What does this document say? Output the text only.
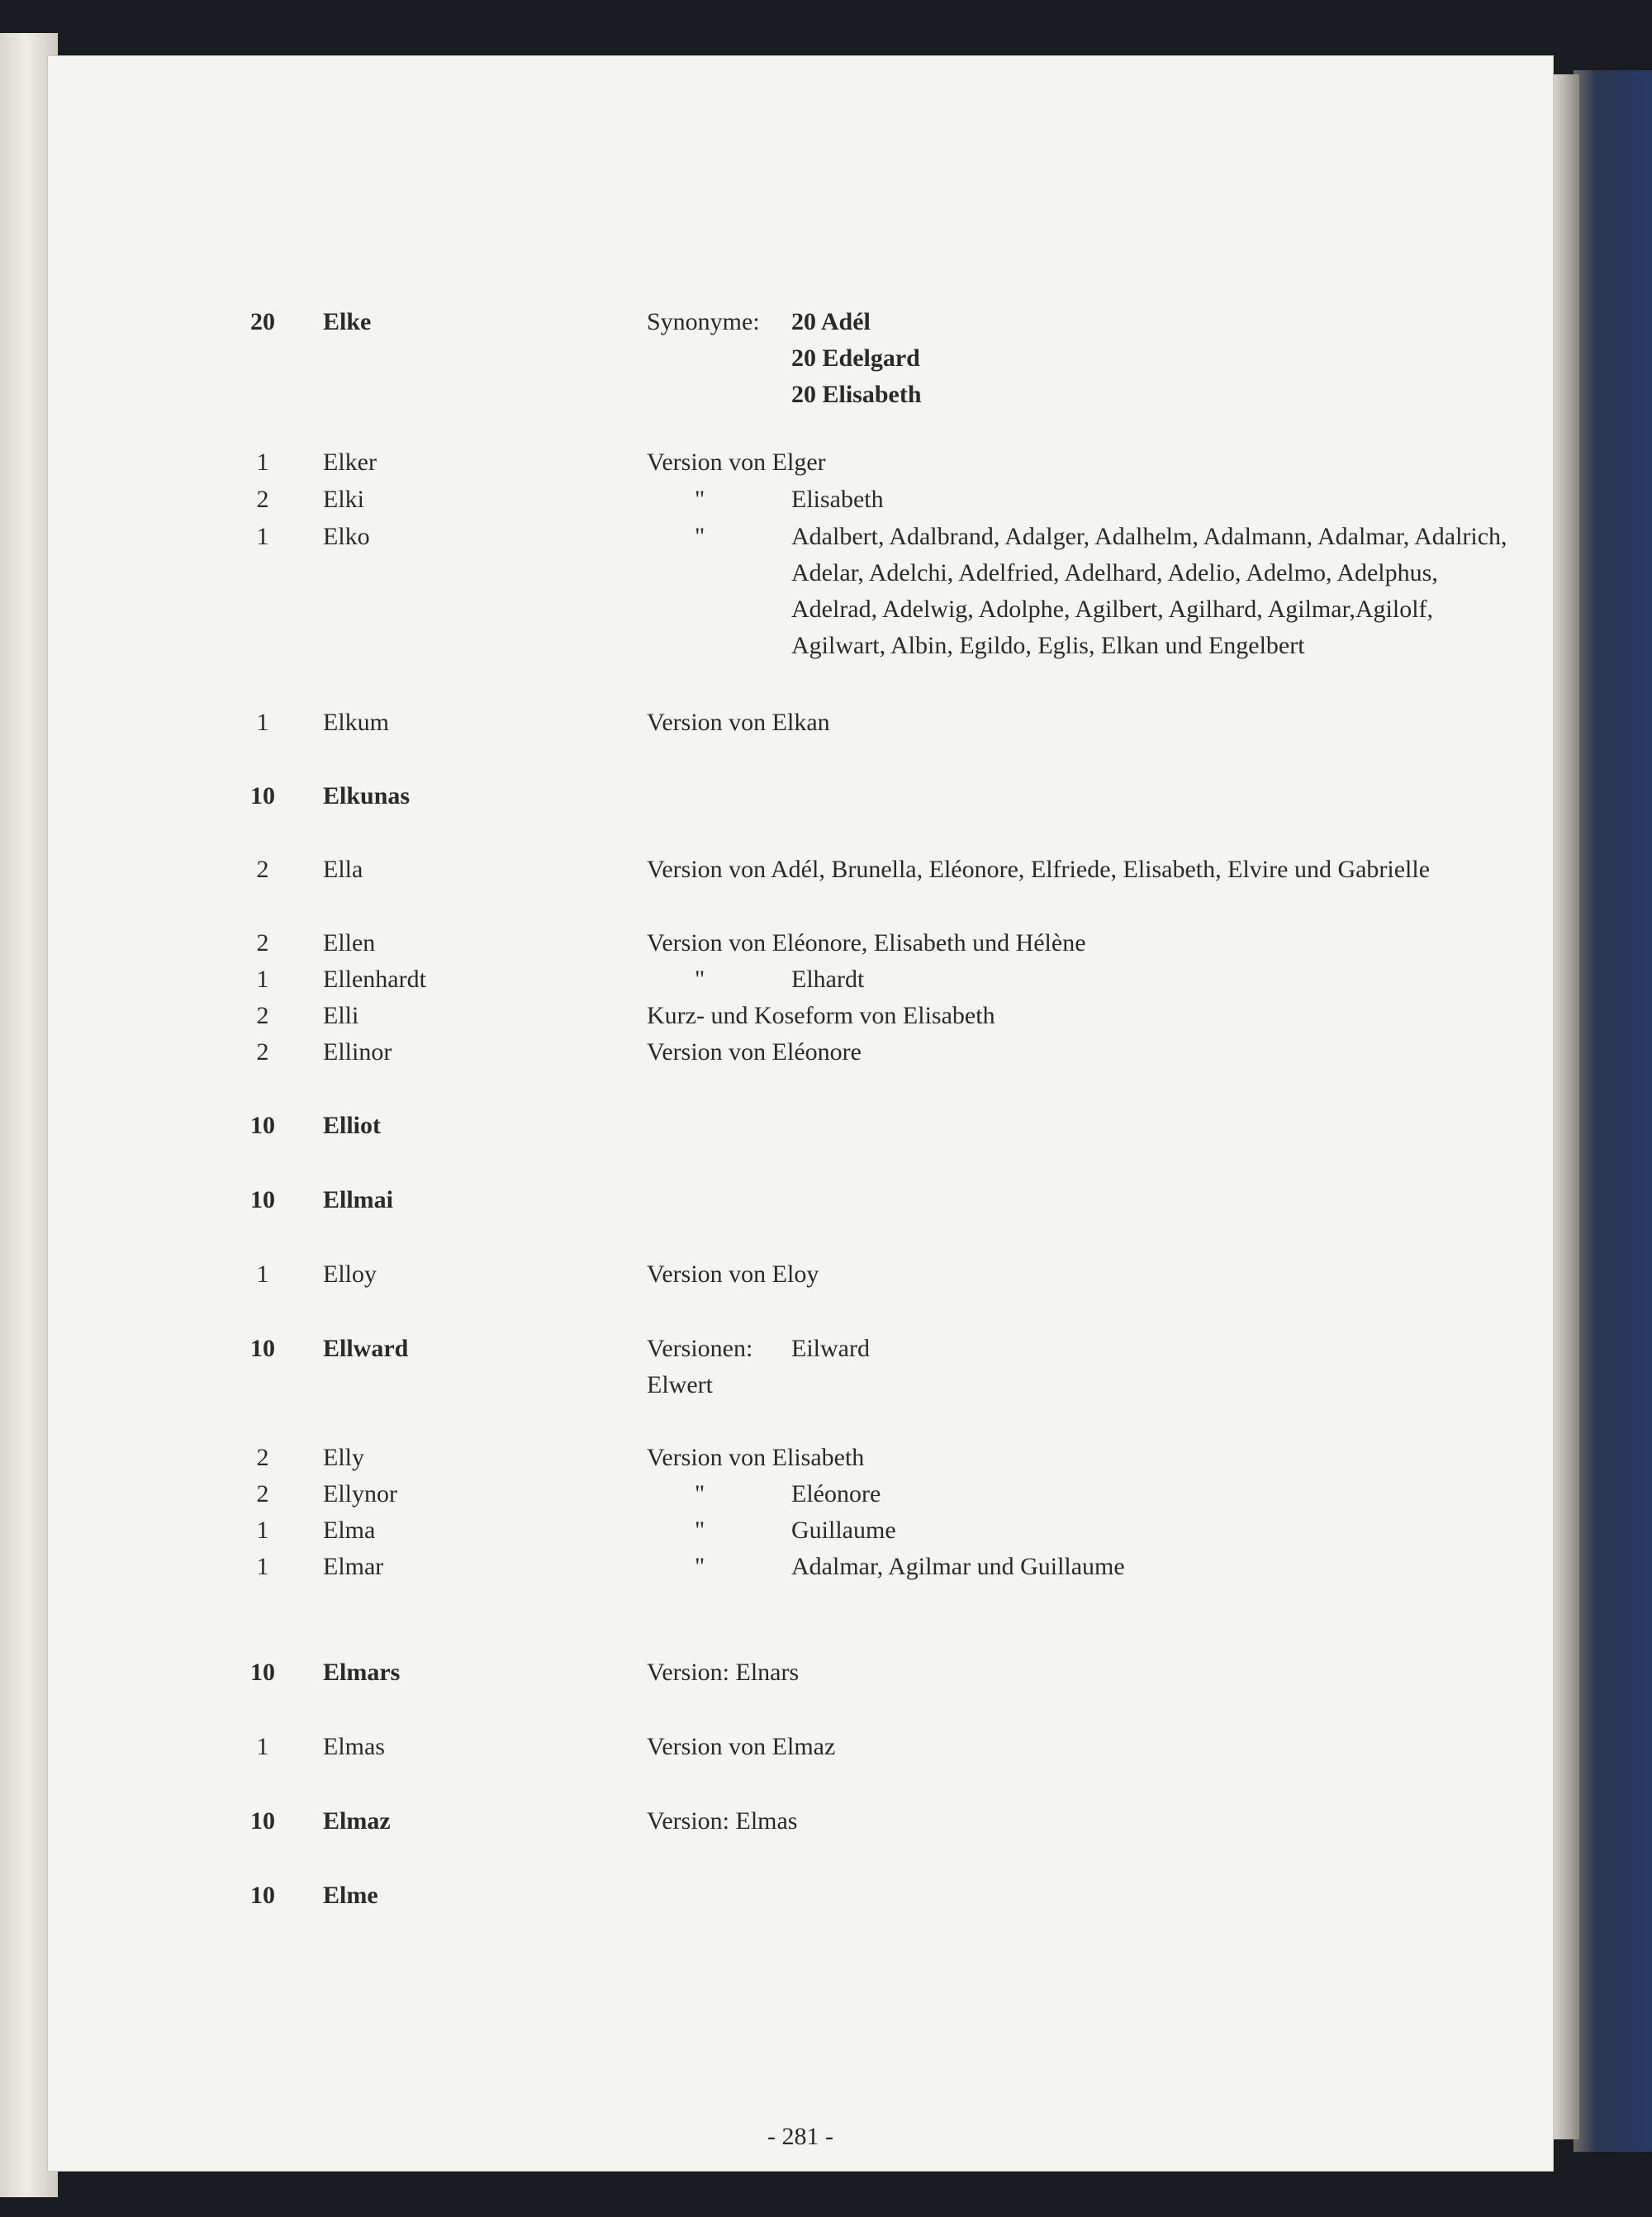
20	Elke	Synonyme:	20 Adél
20 Edelgard
20 Elisabeth
1	Elker	Version von Elger
2	Elki	"	Elisabeth
1	Elko	"	Adalbert, Adalbrand, Adalger, Adalhelm, Adalmann, Adalmar, Adalrich, Adelar, Adelchi, Adelfried, Adelhard, Adelio, Adelmo, Adelphus, Adelrad, Adelwig, Adolphe, Agilbert, Agilhard, Agilmar,Agilolf, Agilwart, Albin, Egildo, Eglis, Elkan und Engelbert
1	Elkum	Version von Elkan
10	Elkunas
2	Ella	Version von Adél, Brunella, Eléonore, Elfriede, Elisabeth, Elvire und Gabrielle
2	Ellen	Version von Eléonore, Elisabeth und Hélène
1	Ellenhardt	"	Elhardt
2	Elli	Kurz- und Koseform von Elisabeth
2	Ellinor	Version von Eléonore
10	Elliot
10	Ellmai
1	Elloy	Version von Eloy
10	Ellward	Versionen:	Eilward
Elwert
2	Elly	Version von Elisabeth
2	Ellynor	"	Eléonore
1	Elma	"	Guillaume
1	Elmar	"	Adalmar, Agilmar und Guillaume
10	Elmars	Version: Elnars
1	Elmas	Version von Elmaz
10	Elmaz	Version: Elmas
10	Elme
- 281 -
